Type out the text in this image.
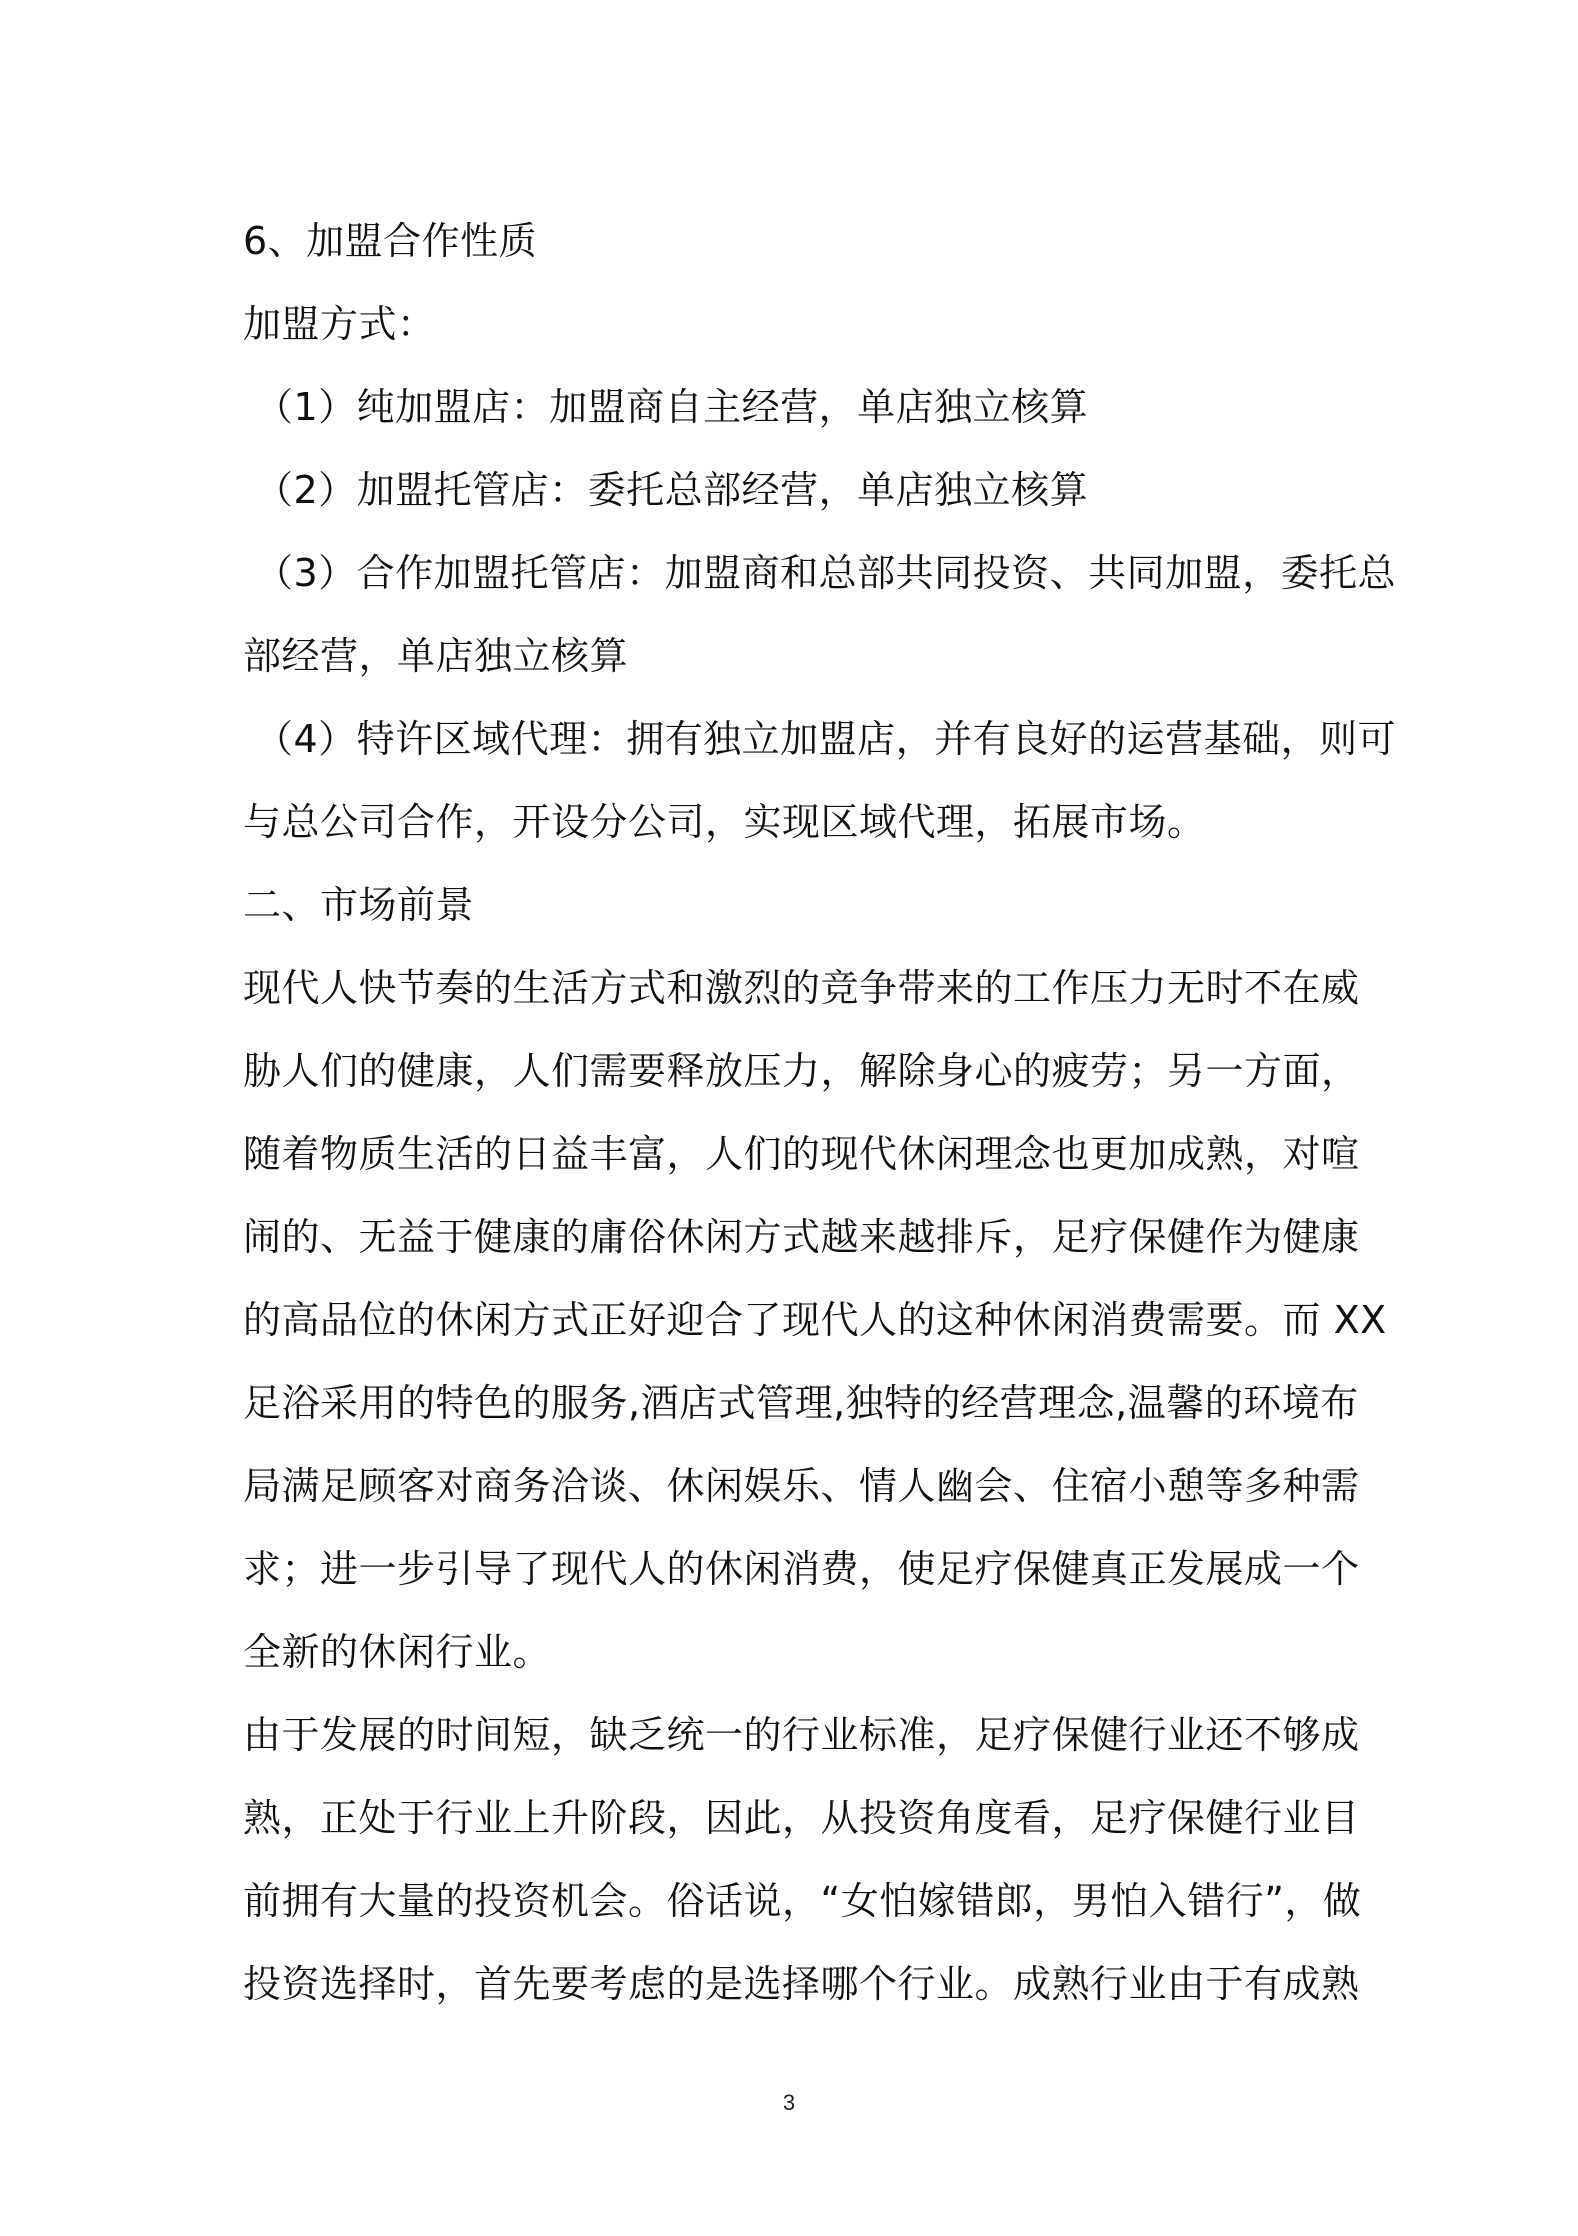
6、加盟合作性质
加盟方式：
（1）纯加盟店：加盟商自主经营，单店独立核算
（2）加盟托管店：委托总部经营，单店独立核算
（3）合作加盟托管店：加盟商和总部共同投资、共同加盟，委托总
部经营，单店独立核算
（4）特许区域代理：拥有独立加盟店，并有良好的运营基础，则可
与总公司合作，开设分公司，实现区域代理，拓展市场。
二、市场前景
现代人快节奏的生活方式和激烈的竞争带来的工作压力无时不在威
胁人们的健康，人们需要释放压力，解除身心的疲劳；另一方面，
随着物质生活的日益丰富，人们的现代休闲理念也更加成熟，对喧
闹的、无益于健康的庸俗休闲方式越来越排斥，足疗保健作为健康
的高品位的休闲方式正好迎合了现代人的这种休闲消费需要。而 XX
足浴采用的特色的服务,酒店式管理,独特的经营理念,温馨的环境布
局满足顾客对商务洽谈、休闲娱乐、情人幽会、住宿小憩等多种需
求；进一步引导了现代人的休闲消费，使足疗保健真正发展成一个
全新的休闲行业。
由于发展的时间短，缺乏统一的行业标准，足疗保健行业还不够成
熟，正处于行业上升阶段，因此，从投资角度看，足疗保健行业目
前拥有大量的投资机会。俗话说，“女怕嫁错郎，男怕入错行”，做
投资选择时，首先要考虑的是选择哪个行业。成熟行业由于有成熟
3
